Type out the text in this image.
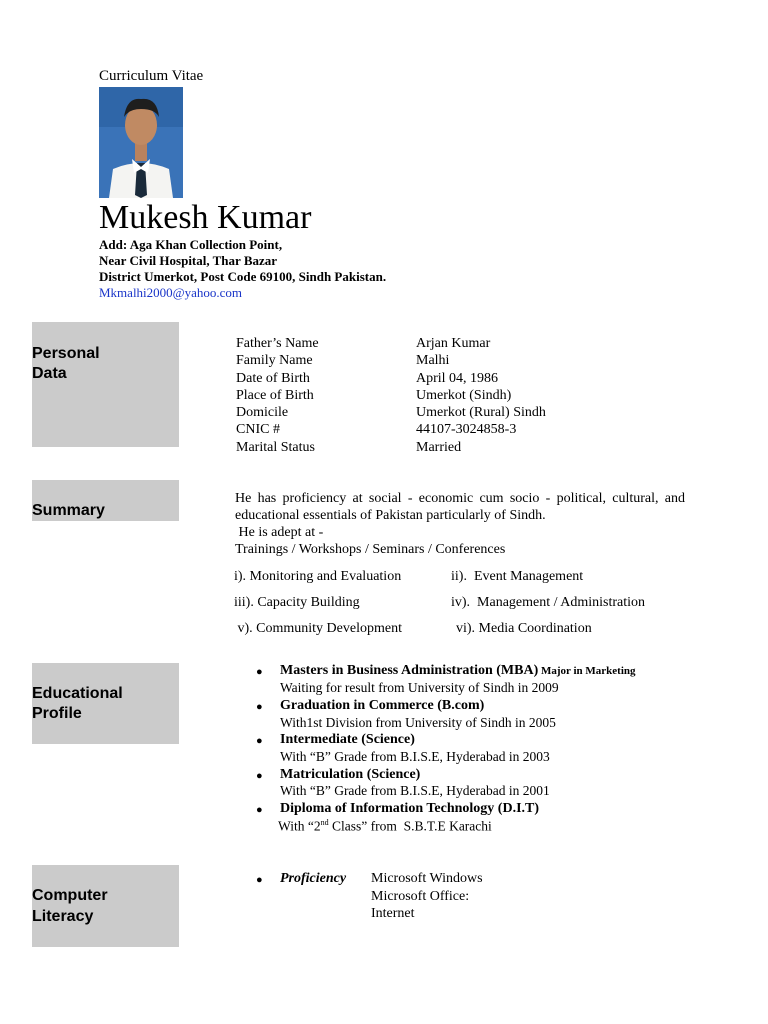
Curriculum Vitae
Mukesh Kumar
Add: Aga Khan Collection Point,
Near Civil Hospital, Thar Bazar
District Umerkot, Post Code 69100, Sindh Pakistan.
Mkmalhi2000@yahoo.com
Personal
Data
Father’s Name	Arjan Kumar
Family Name	Malhi
Date of Birth	April 04, 1986
Place of Birth	Umerkot (Sindh)
Domicile	Umerkot (Rural) Sindh
CNIC #	44107-3024858-3
Marital Status	Married
Summary
He has proficiency at social - economic cum socio - political, cultural, and educational essentials of Pakistan particularly of Sindh.
He is adept at -
Trainings / Workshops / Seminars / Conferences
i). Monitoring and Evaluation	ii).  Event Management
iii). Capacity Building	iv).  Management / Administration
v). Community Development	vi). Media Coordination
Educational
Profile
● Masters in Business Administration (MBA) Major in Marketing
Waiting for result from University of Sindh in 2009
● Graduation in Commerce (B.com)
With1st Division from University of Sindh in 2005
● Intermediate (Science)
With “B” Grade from B.I.S.E, Hyderabad in 2003
● Matriculation (Science)
With “B” Grade from B.I.S.E, Hyderabad in 2001
● Diploma of Information Technology (D.I.T)
With “2nd Class” from  S.B.T.E Karachi
Computer
Literacy
● Proficiency Microsoft Windows
Microsoft Office:
Internet
